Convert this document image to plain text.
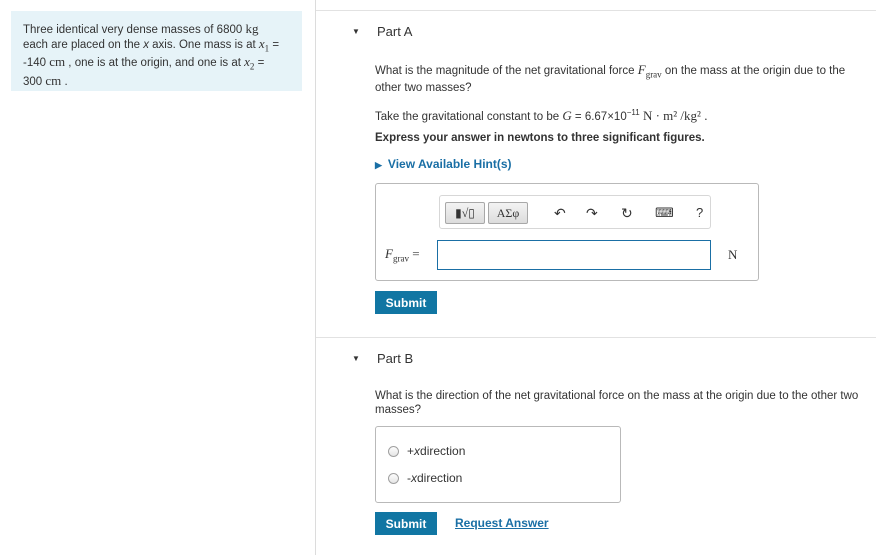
Three identical very dense masses of 6800 kg
each are placed on the x axis. One mass is at $x_1$ =
-140 cm , one is at the origin, and one is at $x_2$ =
300 cm .
▼ Part A
What is the magnitude of the net gravitational force $F_{grav}$ on the mass at the origin due to the
other two masses?
Take the gravitational constant to be $G = 6.67\times 10^{-11}$ N · m² /kg² .
Express your answer in newtons to three significant figures.
▶ View Available Hint(s)
▮√▯	ΑΣφ	↶ ↷ ↻ ⌨ ?
$F_{grav}$ =	N
Submit
▼ Part B
What is the direction of the net gravitational force on the mass at the origin due to the other two
masses?
+ x direction
- x direction
Submit	Request Answer
